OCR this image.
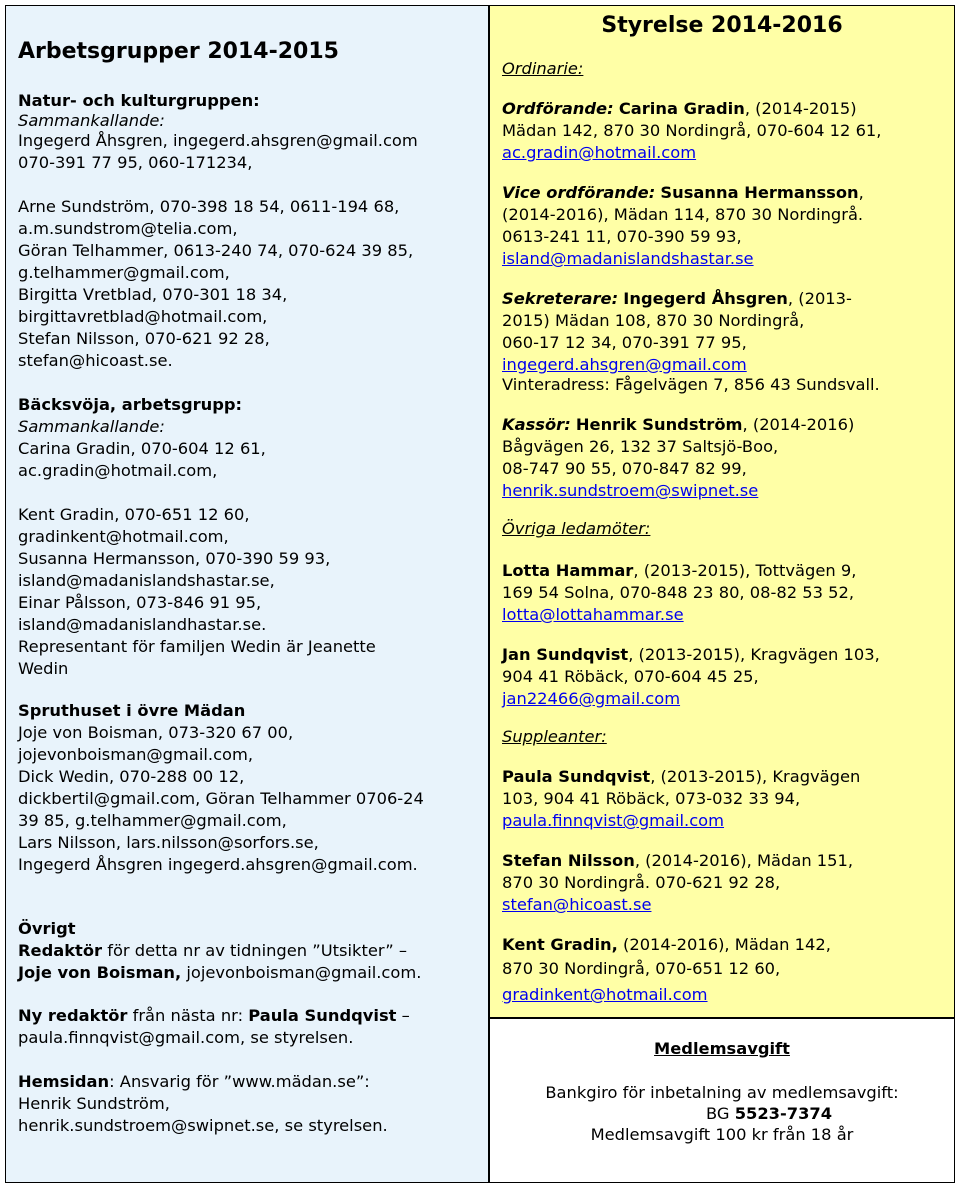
Arbetsgrupper 2014-2015
Natur- och kulturgruppen:
Sammankallande:
Ingegerd Åhsgren, ingegerd.ahsgren@gmail.com
070-391 77 95, 060-171234,
Arne Sundström, 070-398 18 54, 0611-194 68,
a.m.sundstrom@telia.com,
Göran Telhammer, 0613-240 74, 070-624 39 85,
g.telhammer@gmail.com,
Birgitta Vretblad, 070-301 18 34,
birgittavretblad@hotmail.com,
Stefan Nilsson, 070-621 92 28,
stefan@hicoast.se.
Bäcksvöja, arbetsgrupp:
Sammankallande:
Carina Gradin, 070-604 12 61,
ac.gradin@hotmail.com,
Kent Gradin, 070-651 12 60,
gradinkent@hotmail.com,
Susanna Hermansson, 070-390 59 93,
island@madanislandshastar.se,
Einar Pålsson, 073-846 91 95,
island@madanislandhastar.se.
Representant för familjen Wedin är Jeanette
Wedin
Spruthuset i övre Mädan
Joje von Boisman, 073-320 67 00,
jojevonboisman@gmail.com,
Dick Wedin, 070-288 00 12,
dickbertil@gmail.com, Göran Telhammer 0706-24
39 85, g.telhammer@gmail.com,
Lars Nilsson, lars.nilsson@sorfors.se,
Ingegerd Åhsgren ingegerd.ahsgren@gmail.com.
Övrigt
Redaktör för detta nr av tidningen ”Utsikter” –
Joje von Boisman, jojevonboisman@gmail.com.
Ny redaktör från nästa nr: Paula Sundqvist –
paula.finnqvist@gmail.com, se styrelsen.
Hemsidan: Ansvarig för ”www.mädan.se”:
Henrik Sundström,
henrik.sundstroem@swipnet.se, se styrelsen.
Styrelse 2014-2016
Ordinarie:
Ordförande: Carina Gradin, (2014-2015)
Mädan 142, 870 30 Nordingrå, 070-604 12 61,
ac.gradin@hotmail.com
Vice ordförande: Susanna Hermansson,
(2014-2016), Mädan 114, 870 30 Nordingrå.
0613-241 11, 070-390 59 93,
island@madanislandshastar.se
Sekreterare: Ingegerd Åhsgren, (2013-
2015) Mädan 108, 870 30 Nordingrå,
060-17 12 34, 070-391 77 95,
ingegerd.ahsgren@gmail.com
Vinteradress: Fågelvägen 7, 856 43 Sundsvall.
Kassör: Henrik Sundström, (2014-2016)
Bågvägen 26, 132 37 Saltsjö-Boo,
08-747 90 55, 070-847 82 99,
henrik.sundstroem@swipnet.se
Övriga ledamöter:
Lotta Hammar, (2013-2015), Tottvägen 9,
169 54 Solna, 070-848 23 80, 08-82 53 52,
lotta@lottahammar.se
Jan Sundqvist, (2013-2015), Kragvägen 103,
904 41 Röbäck, 070-604 45 25,
jan22466@gmail.com
Suppleanter:
Paula Sundqvist, (2013-2015), Kragvägen
103, 904 41 Röbäck, 073-032 33 94,
paula.finnqvist@gmail.com
Stefan Nilsson, (2014-2016), Mädan 151,
870 30 Nordingrå. 070-621 92 28,
stefan@hicoast.se
Kent Gradin, (2014-2016), Mädan 142,
870 30 Nordingrå, 070-651 12 60,
gradinkent@hotmail.com
Medlemsavgift
Bankgiro för inbetalning av medlemsavgift:
BG 5523-7374
Medlemsavgift 100 kr från 18 år
